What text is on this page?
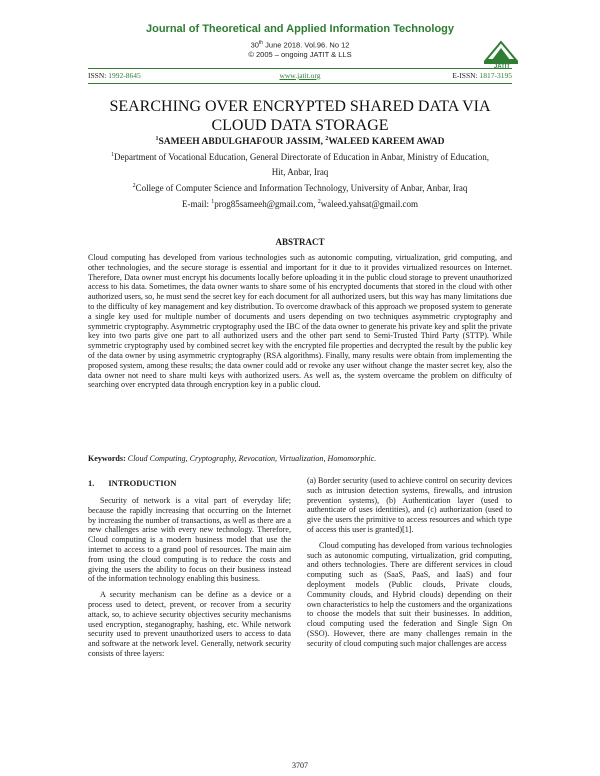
Journal of Theoretical and Applied Information Technology
30th June 2018. Vol.96. No 12
© 2005 – ongoing JATIT & LLS
JATIT
ISSN: 1992-8645	www.jatit.org	E-ISSN: 1817-3195
SEARCHING OVER ENCRYPTED SHARED DATA VIA
CLOUD DATA STORAGE
$^1$SAMEEH ABDULGHAFOUR JASSIM, $^2$WALEED KAREEM AWAD
$^1$Department of Vocational Education, General Directorate of Education in Anbar, Ministry of Education,
Hit, Anbar, Iraq
$^2$College of Computer Science and Information Technology, University of Anbar, Anbar, Iraq
E-mail: $^1$prog85sameeh@gmail.com, $^2$waleed.yahsat@gmail.com
ABSTRACT
Cloud computing has developed from various technologies such as autonomic computing, virtualization, grid computing, and other technologies, and the secure storage is essential and important for it due to it provides virtualized resources on Internet. Therefore, Data owner must encrypt his documents locally before uploading it in the public cloud storage to prevent unauthorized access to his data. Sometimes, the data owner wants to share some of his encrypted documents that stored in the cloud with other authorized users, so, he must send the secret key for each document for all authorized users, but this way has many limitations due to the difficulty of key management and key distribution. To overcome drawback of this approach we proposed system to generate a single key used for multiple number of documents and users depending on two techniques asymmetric cryptography and symmetric cryptography. Asymmetric cryptography used the IBC of the data owner to generate his private key and split the private key into two parts give one part to all authorized users and the other part send to Semi-Trusted Third Party (STTP). While symmetric cryptography used by combined secret key with the encrypted file properties and decrypted the result by the public key of the data owner by using asymmetric cryptography (RSA algorithms). Finally, many results were obtain from implementing the proposed system, among these results; the data owner could add or revoke any user without change the master secret key, also the data owner not need to share multi keys with authorized users. As well as, the system overcame the problem on difficulty of searching over encrypted data through encryption key in a public cloud.
Keywords: Cloud Computing, Cryptography, Revocation, Virtualization, Homomorphic.
1. INTRODUCTION

Security of network is a vital part of everyday life; because the rapidly increasing that occurring on the Internet by increasing the number of transactions, as well as there are a new challenges arise with every new technology. Therefore, Cloud computing is a modern business model that use the internet to access to a grand pool of resources. The main aim from using the cloud computing is to reduce the costs and giving the users the ability to focus on their business instead of the information technology enabling this business.

A security mechanism can be define as a device or a process used to detect, prevent, or recover from a security attack, so, to achieve security objectives security mechanisms used encryption, steganography, hashing, etc. While network security used to prevent unauthorized users to access to data and software at the network level. Generally, network security consists of three layers:

(a) Border security (used to achieve control on security devices such as intrusion detection systems, firewalls, and intrusion prevention systems), (b) Authentication layer (used to authenticate of uses identities), and (c) authorization (used to give the users the primitive to access resources and which type of access this user is granted)[1].

Cloud computing has developed from various technologies such as autonomic computing, virtualization, grid computing, and others technologies. There are different services in cloud computing such as (SaaS, PaaS, and IaaS) and four deployment models (Public clouds, Private clouds, Community clouds, and Hybrid clouds) depending on their own characteristics to help the customers and the organizations to choose the models that suit their businesses. In addition, cloud computing used the federation and Single Sign On (SSO). However, there are many challenges remain in the security of cloud computing such major challenges are access

3707
